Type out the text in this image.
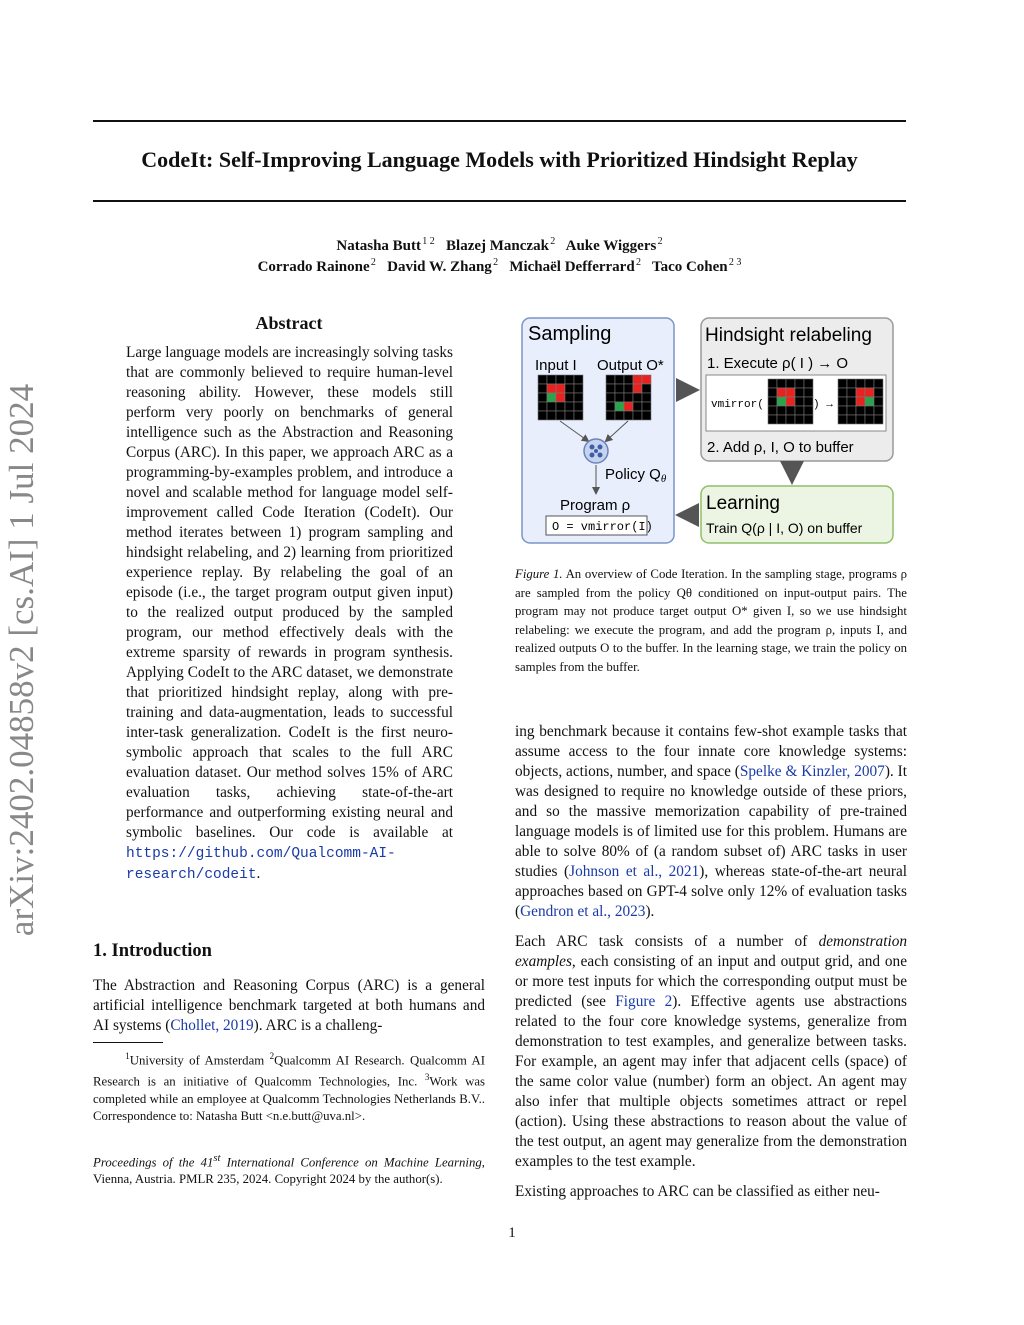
CodeIt: Self-Improving Language Models with Prioritized Hindsight Replay
Natasha Butt $^{1 2}$ Blazej Manczak $^2$ Auke Wiggers $^2$
Corrado Rainone $^2$ David W. Zhang $^2$ Michaël Defferrard $^2$ Taco Cohen $^{2 3}$
arXiv:2402.04858v2 [cs.AI] 1 Jul 2024
Abstract
Large language models are increasingly solving tasks that are commonly believed to require human-level reasoning ability. However, these models still perform very poorly on benchmarks of general intelligence such as the Abstraction and Reasoning Corpus (ARC). In this paper, we approach ARC as a programming-by-examples problem, and introduce a novel and scalable method for language model self-improvement called Code Iteration (CodeIt). Our method iterates between 1) program sampling and hindsight relabeling, and 2) learning from prioritized experience replay. By relabeling the goal of an episode (i.e., the target program output given input) to the realized output produced by the sampled program, our method effectively deals with the extreme sparsity of rewards in program synthesis. Applying CodeIt to the ARC dataset, we demonstrate that prioritized hindsight replay, along with pre-training and data-augmentation, leads to successful inter-task generalization. CodeIt is the first neuro-symbolic approach that scales to the full ARC evaluation dataset. Our method solves 15% of ARC evaluation tasks, achieving state-of-the-art performance and outperforming existing neural and symbolic baselines. Our code is available at https://github.com/Qualcomm-AI-research/codeit.
1. Introduction
The Abstraction and Reasoning Corpus (ARC) is a general artificial intelligence benchmark targeted at both humans and AI systems (Chollet, 2019). ARC is a challeng-
$^1$University of Amsterdam $^2$Qualcomm AI Research. Qualcomm AI Research is an initiative of Qualcomm Technologies, Inc. $^3$Work was completed while an employee at Qualcomm Technologies Netherlands B.V.. Correspondence to: Natasha Butt <n.e.butt@uva.nl>.
Proceedings of the 41st International Conference on Machine Learning, Vienna, Austria. PMLR 235, 2024. Copyright 2024 by the author(s).
Sampling
Input I Output O*
Policy $Q_\theta$
Program ρ
O = vmirror(I)
Hindsight relabeling
1. Execute ρ( I ) → O
vmirror(	) →
2. Add ρ, I, O to buffer
Learning
Train Q(ρ | I, O) on buffer
Figure 1. An overview of Code Iteration. In the sampling stage, programs ρ are sampled from the policy Qθ conditioned on input-output pairs. The program may not produce target output O* given I, so we use hindsight relabeling: we execute the program, and add the program ρ, inputs I, and realized outputs O to the buffer. In the learning stage, we train the policy on samples from the buffer.
ing benchmark because it contains few-shot example tasks that assume access to the four innate core knowledge systems: objects, actions, number, and space (Spelke & Kinzler, 2007). It was designed to require no knowledge outside of these priors, and so the massive memorization capability of pre-trained language models is of limited use for this problem. Humans are able to solve 80% of (a random subset of) ARC tasks in user studies (Johnson et al., 2021), whereas state-of-the-art neural approaches based on GPT-4 solve only 12% of evaluation tasks (Gendron et al., 2023).
Each ARC task consists of a number of demonstration examples, each consisting of an input and output grid, and one or more test inputs for which the corresponding output must be predicted (see Figure 2). Effective agents use abstractions related to the four core knowledge systems, generalize from demonstration to test examples, and generalize between tasks. For example, an agent may infer that adjacent cells (space) of the same color value (number) form an object. An agent may also infer that multiple objects sometimes attract or repel (action). Using these abstractions to reason about the value of the test output, an agent may generalize from the demonstration examples to the test example.
Existing approaches to ARC can be classified as either neu-
1
